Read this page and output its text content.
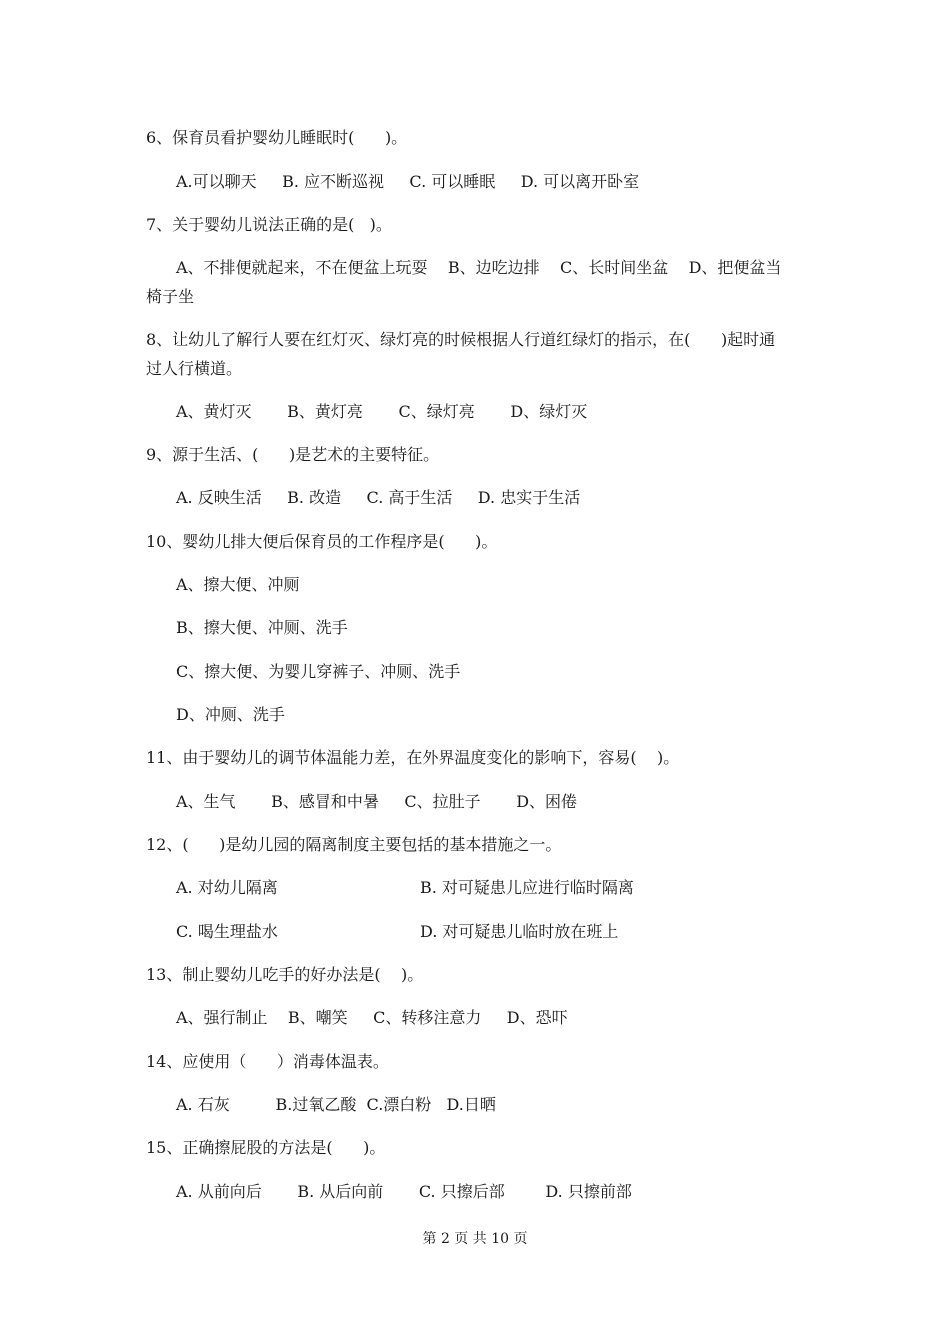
6、保育员看护婴幼儿睡眠时(      )。
A.可以聊天     B. 应不断巡视     C. 可以睡眠     D. 可以离开卧室
7、关于婴幼儿说法正确的是(   )。
A、不排便就起来，不在便盆上玩耍    B、边吃边排    C、长时间坐盆    D、把便盆当
椅子坐
8、让幼儿了解行人要在红灯灭、绿灯亮的时候根据人行道红绿灯的指示，在(      )起时通
过人行横道。
A、黄灯灭       B、黄灯亮       C、绿灯亮       D、绿灯灭
9、源于生活、(      )是艺术的主要特征。
A. 反映生活     B. 改造     C. 高于生活     D. 忠实于生活
10、婴幼儿排大便后保育员的工作程序是(      )。
A、擦大便、冲厕
B、擦大便、冲厕、洗手
C、擦大便、为婴儿穿裤子、冲厕、洗手
D、冲厕、洗手
11、由于婴幼儿的调节体温能力差，在外界温度变化的影响下，容易(    )。
A、生气       B、感冒和中暑     C、拉肚子       D、困倦
12、(      )是幼儿园的隔离制度主要包括的基本措施之一。
A. 对幼儿隔离	B. 对可疑患儿应进行临时隔离
C. 喝生理盐水	D. 对可疑患儿临时放在班上
13、制止婴幼儿吃手的好办法是(    )。
A、强行制止    B、嘲笑     C、转移注意力     D、恐吓
14、应使用（      ）消毒体温表。
A. 石灰         B.过氧乙酸  C.漂白粉   D.日晒
15、正确擦屁股的方法是(      )。
A. 从前向后       B. 从后向前       C. 只擦后部        D. 只擦前部
第 2 页 共 10 页
